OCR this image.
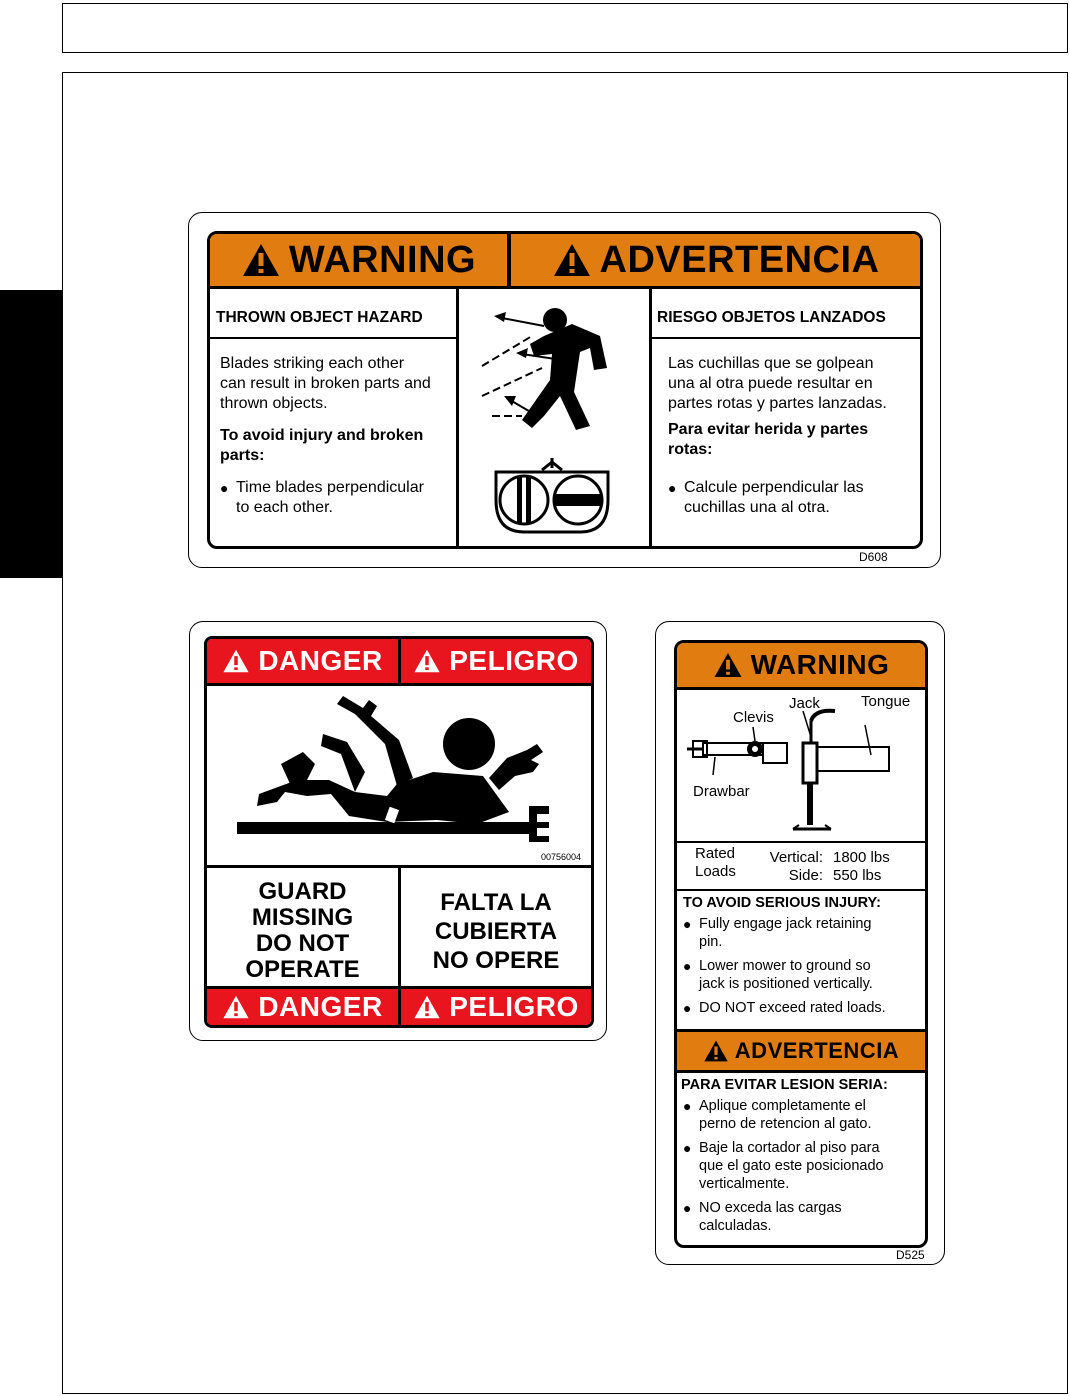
WARNING	ADVERTENCIA
THROWN OBJECT HAZARD
Blades striking each other
can result in broken parts and
thrown objects.
To avoid injury and broken
parts:
● Time blades perpendicular
to each other.
RIESGO OBJETOS LANZADOS
Las cuchillas que se golpean
una al otra puede resultar en
partes rotas y partes lanzadas.
Para evitar herida y partes
rotas:
● Calcule perpendicular las
cuchillas una al otra.
D608
DANGER PELIGRO
00756004
GUARD
MISSING
DO NOT
OPERATE
FALTA LA
CUBIERTA
NO OPERE
DANGER PELIGRO
WARNING
Clevis
Jack	Tongue
Drawbar
Rated
Loads
Vertical: 1800 lbs
Side: 550 lbs
TO AVOID SERIOUS INJURY:
● Fully engage jack retaining
pin.
● Lower mower to ground so
jack is positioned vertically.
● DO NOT exceed rated loads.
ADVERTENCIA
PARA EVITAR LESION SERIA:
● Aplique completamente el
perno de retencion al gato.
● Baje la cortador al piso para
que el gato este posicionado
verticalmente.
● NO exceda las cargas
calculadas.
D525
